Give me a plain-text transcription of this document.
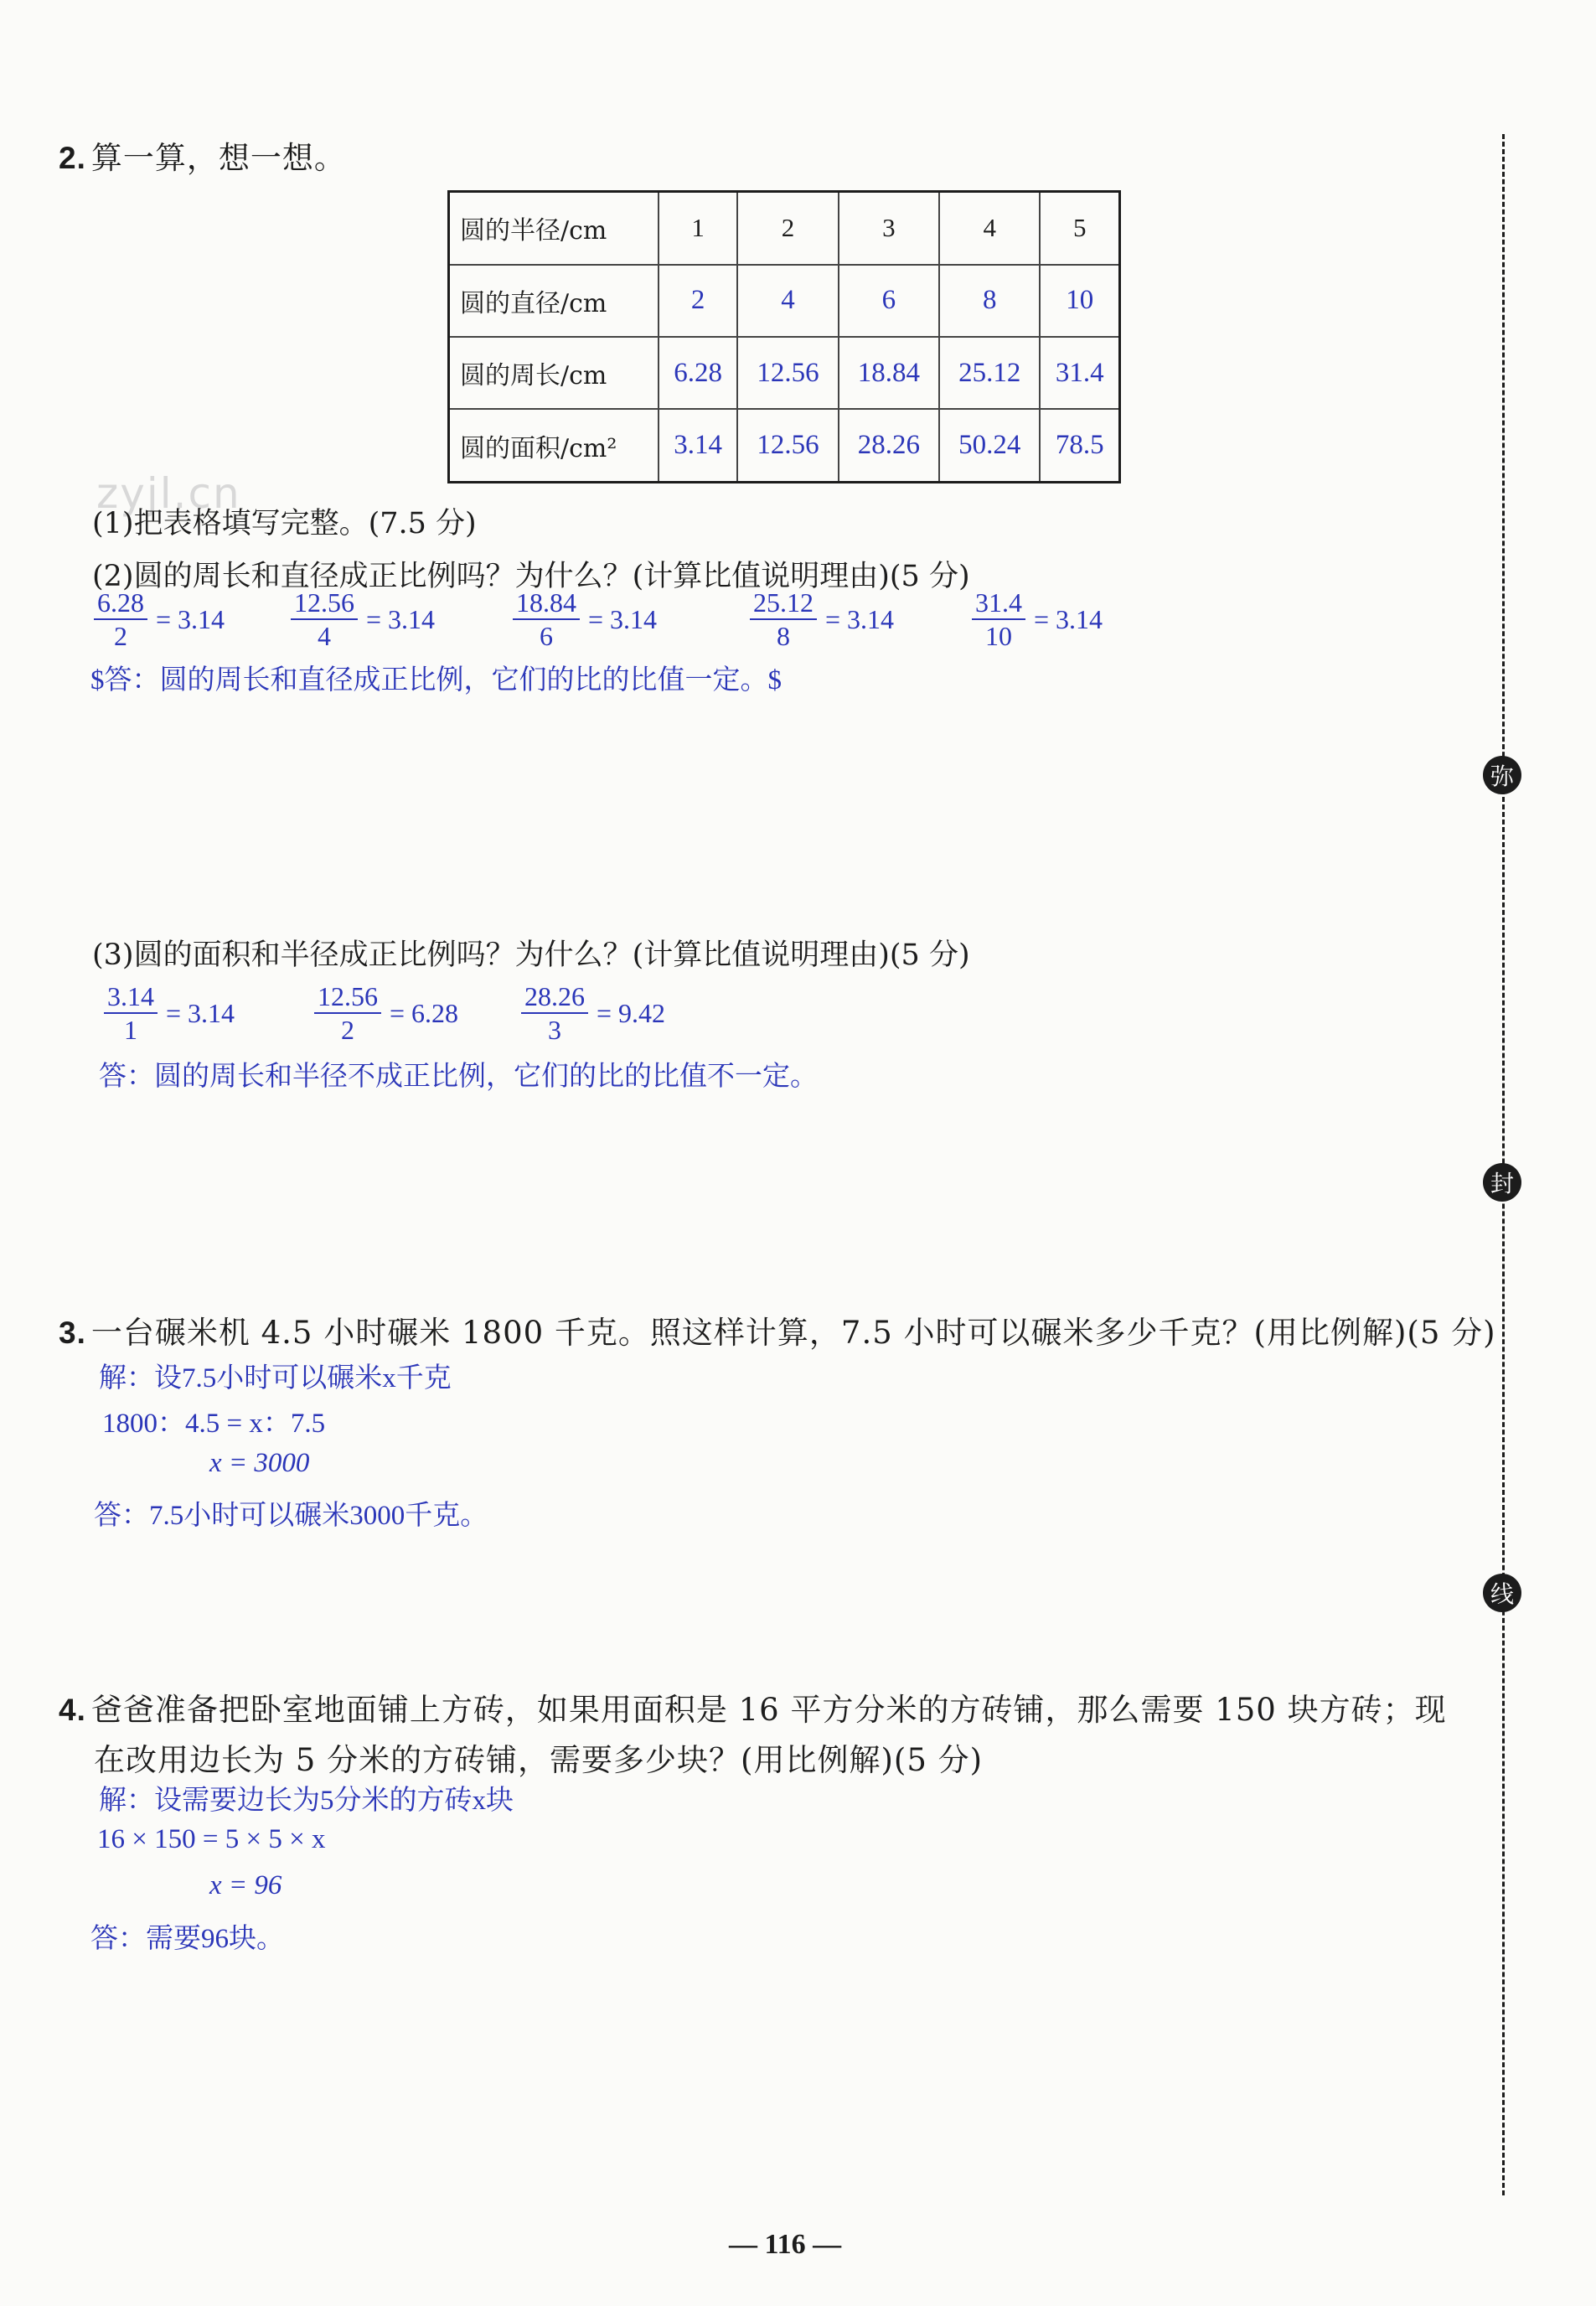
zyjl.cn
2. 算一算，想一想。
圆的半径/cm	1	2	3	4	5
圆的直径/cm	2	4	6	8	10
圆的周长/cm	6.28	12.56	18.84	25.12	31.4
圆的面积/cm²	3.14	12.56	28.26	50.24	78.5
(1)把表格填写完整。(7.5 分)
(2)圆的周长和直径成正比例吗？为什么？(计算比值说明理由)(5 分)
$\frac{6.28}{2} = 3.14 \frac{12.56}{4} = 3.14$	$\frac{18.84}{6} = 3.14$	$\frac{25.12}{8} = 3.14$	$\frac{31.4}{10} = 3.14$
$答：圆的周长和直径成正比例，它们的比的比值一定。$
(3)圆的面积和半径成正比例吗？为什么？(计算比值说明理由)(5 分)
$\frac{3.14}{1} = 3.14$	$\frac{12.56}{2} = 6.28 \frac{28.26}{3} = 9.42$
答：圆的周长和半径不成正比例，它们的比的比值不一定。
3. 一台碾米机 4.5 小时碾米 1800 千克。照这样计算，7.5 小时可以碾米多少千克？(用比例解)(5 分)
解：设7.5小时可以碾米x千克
1800：4.5 = x：7.5
x = 3000
答：7.5小时可以碾米3000千克。
4. 爸爸准备把卧室地面铺上方砖，如果用面积是 16 平方分米的方砖铺，那么需要 150 块方砖；现
在改用边长为 5 分米的方砖铺，需要多少块？(用比例解)(5 分)
解：设需要边长为5分米的方砖x块
16 × 150 = 5 × 5 × x
x = 96
答：需要96块。
弥
封
线
— 116 —
